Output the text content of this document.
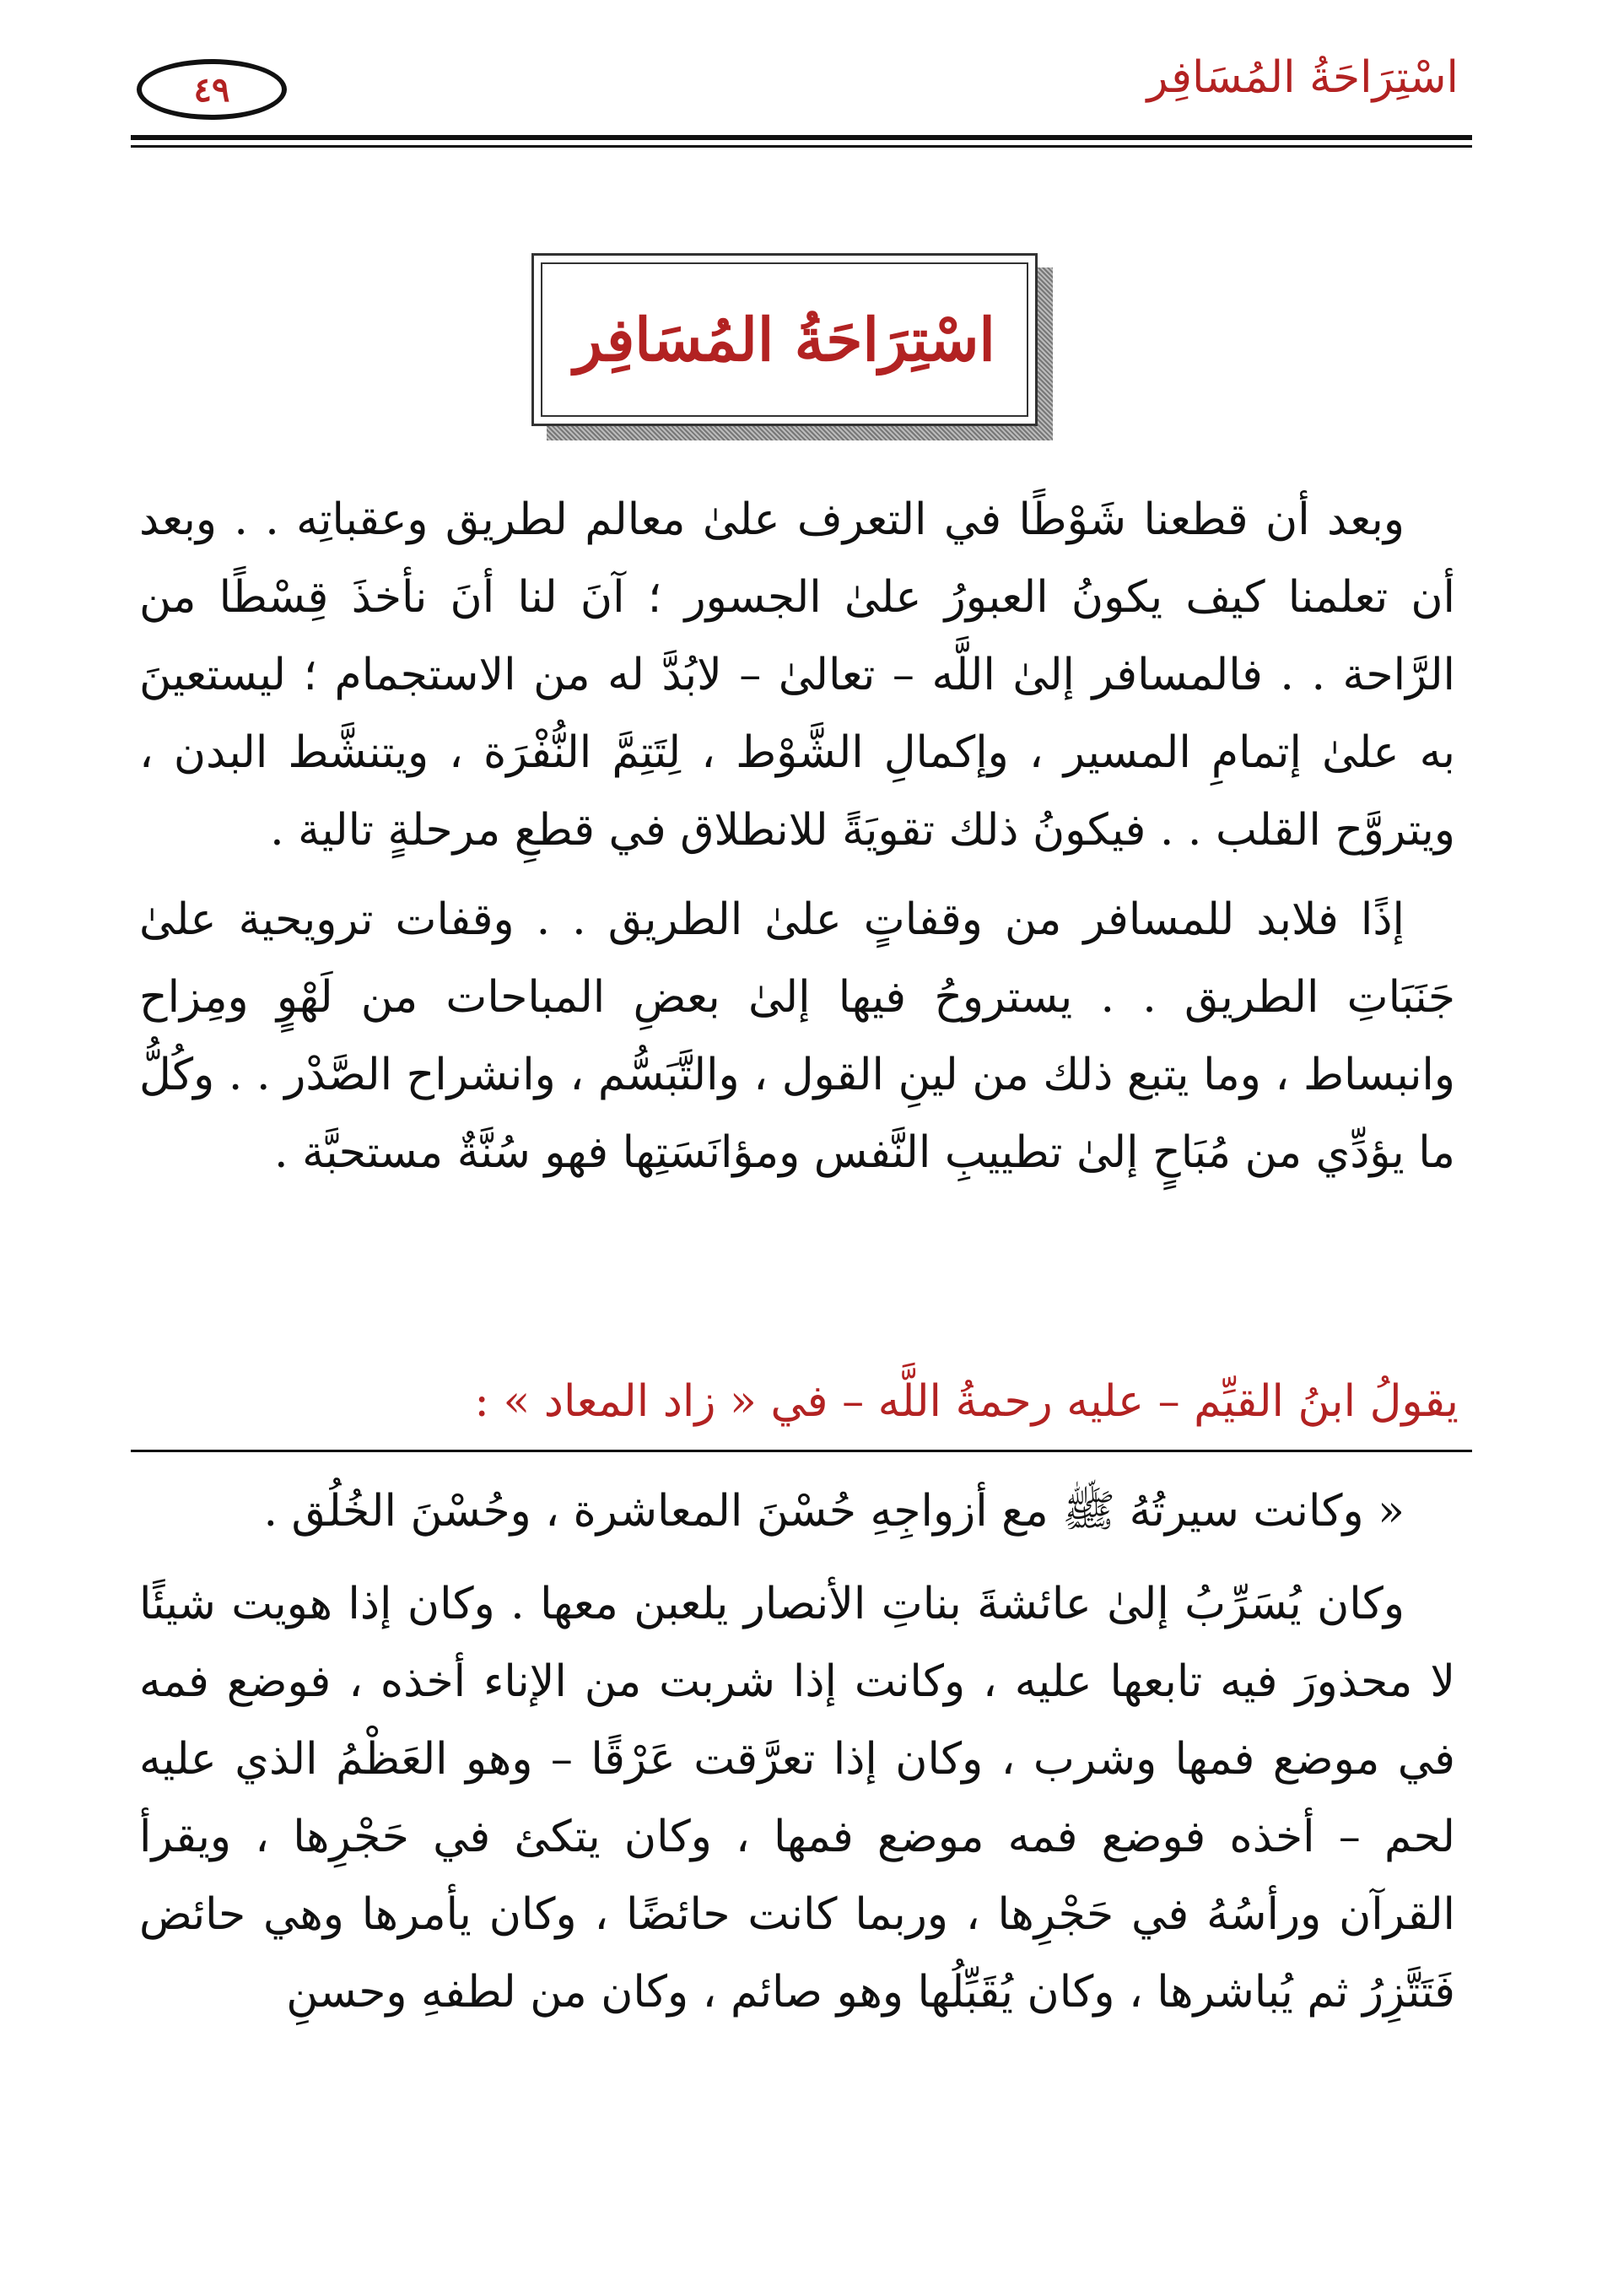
٤٩	اسْتِرَاحَةُ المُسَافِر
اسْتِرَاحَةُ المُسَافِر

وبعد أن قطعنا شَوْطًا في التعرف علىٰ معالم لطريق وعقباتِه . . وبعد أن تعلمنا كيف يكونُ العبورُ علىٰ الجسور ؛ آنَ لنا أنَ نأخذَ قِسْطًا من الرَّاحة . . فالمسافر إلىٰ اللَّه – تعالىٰ – لابُدَّ له من الاستجمام ؛ ليستعينَ به علىٰ إتمامِ المسير ، وإكمالِ الشَّوْط ، لِتَتِمَّ النُّفْرَة ، ويتنشَّط البدن ، ويتروَّح القلب . . فيكونُ ذلك تقويَةً للانطلاق في قطعِ مرحلةٍ تالية .

إذًا فلابد للمسافر من وقفاتٍ علىٰ الطريق . . وقفات ترويحية علىٰ جَنَبَاتِ الطريق . . يستروحُ فيها إلىٰ بعضِ المباحات من لَهْوٍ ومِزاح وانبساط ، وما يتبع ذلك من لينِ القول ، والتَّبَسُّم ، وانشراح الصَّدْر . . وكُلُّ ما يؤدِّي من مُبَاحٍ إلىٰ تطييبِ النَّفس ومؤانَسَتِها فهو سُنَّةٌ مستحبَّة .

يقولُ ابنُ القيِّم – عليه رحمةُ اللَّه – في « زاد المعاد » :

« وكانت سيرتُهُ ﷺ مع أزواجِهِ حُسْنَ المعاشرة ، وحُسْنَ الخُلُق .

وكان يُسَرِّبُ إلىٰ عائشةَ بناتِ الأنصار يلعبن معها . وكان إذا هويت شيئًا لا محذورَ فيه تابعها عليه ، وكانت إذا شربت من الإناء أخذه ، فوضع فمه في موضع فمها وشرب ، وكان إذا تعرَّقت عَرْقًا – وهو العَظْمُ الذي عليه لحم – أخذه فوضع فمه موضع فمها ، وكان يتكئ في حَجْرِها ، ويقرأ القرآن ورأسُهُ في حَجْرِها ، وربما كانت حائضًا ، وكان يأمرها وهي حائض فَتَتَّزِرُ ثم يُباشرها ، وكان يُقَبِّلُها وهو صائم ، وكان من لطفهِ وحسنِ
